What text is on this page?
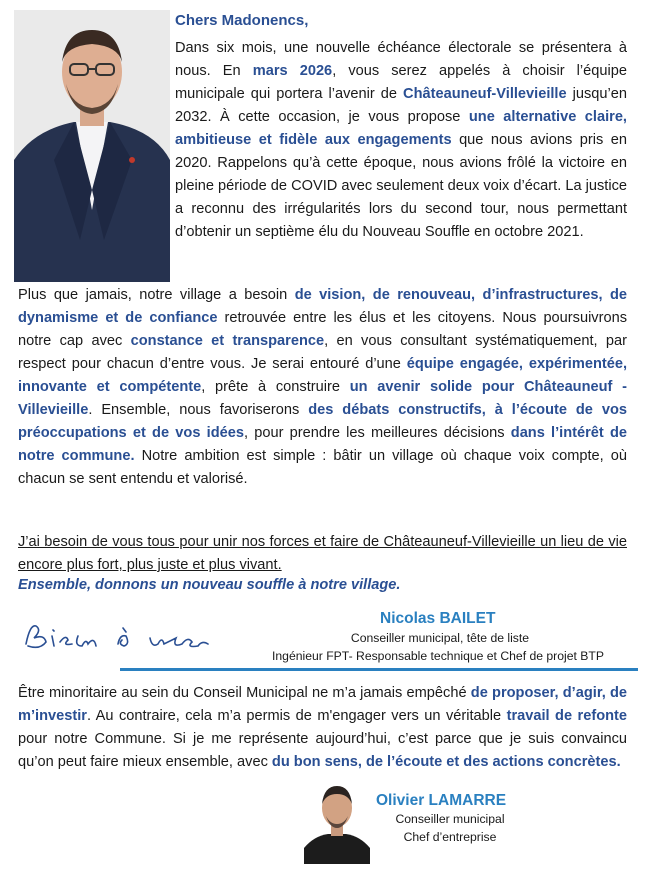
Chers Madonencs,

Dans six mois, une nouvelle échéance électorale se présentera à nous. En mars 2026, vous serez appelés à choisir l’équipe municipale qui portera l’avenir de Châteauneuf-Villevieille jusqu’en 2032. À cette occasion, je vous propose une alternative claire, ambitieuse et fidèle aux engagements que nous avions pris en 2020. Rappelons qu’à cette époque, nous avions frôlé la victoire en pleine période de COVID avec seulement deux voix d’écart. La justice a reconnu des irrégularités lors du second tour, nous permettant d’obtenir un septième élu du Nouveau Souffle en octobre 2021.

Plus que jamais, notre village a besoin de vision, de renouveau, d’infrastructures, de dynamisme et de confiance retrouvée entre les élus et les citoyens. Nous poursuivrons notre cap avec constance et transparence, en vous consultant systématiquement, par respect pour chacun d’entre vous. Je serai entouré d’une équipe engagée, expérimentée, innovante et compétente, prête à construire un avenir solide pour Châteauneuf - Villevieille. Ensemble, nous favoriserons des débats constructifs, à l’écoute de vos préoccupations et de vos idées, pour prendre les meilleures décisions dans l’intérêt de notre commune. Notre ambition est simple : bâtir un village où chaque voix compte, où chacun se sent entendu et valorisé.

J’ai besoin de vous tous pour unir nos forces et faire de Châteauneuf-Villevieille un lieu de vie encore plus fort, plus juste et plus vivant.

Ensemble, donnons un nouveau souffle à notre village.

Nicolas BAILET
Conseiller municipal, tête de liste
Ingénieur FPT- Responsable technique et Chef de projet BTP

Être minoritaire au sein du Conseil Municipal ne m’a jamais empêché de proposer, d’agir, de m’investir. Au contraire, cela m’a permis de m'engager vers un véritable travail de refonte pour notre Commune. Si je me représente aujourd’hui, c’est parce que je suis convaincu qu’on peut faire mieux ensemble, avec du bon sens, de l’écoute et des actions concrètes.

Olivier LAMARRE
Conseiller municipal
Chef d’entreprise
